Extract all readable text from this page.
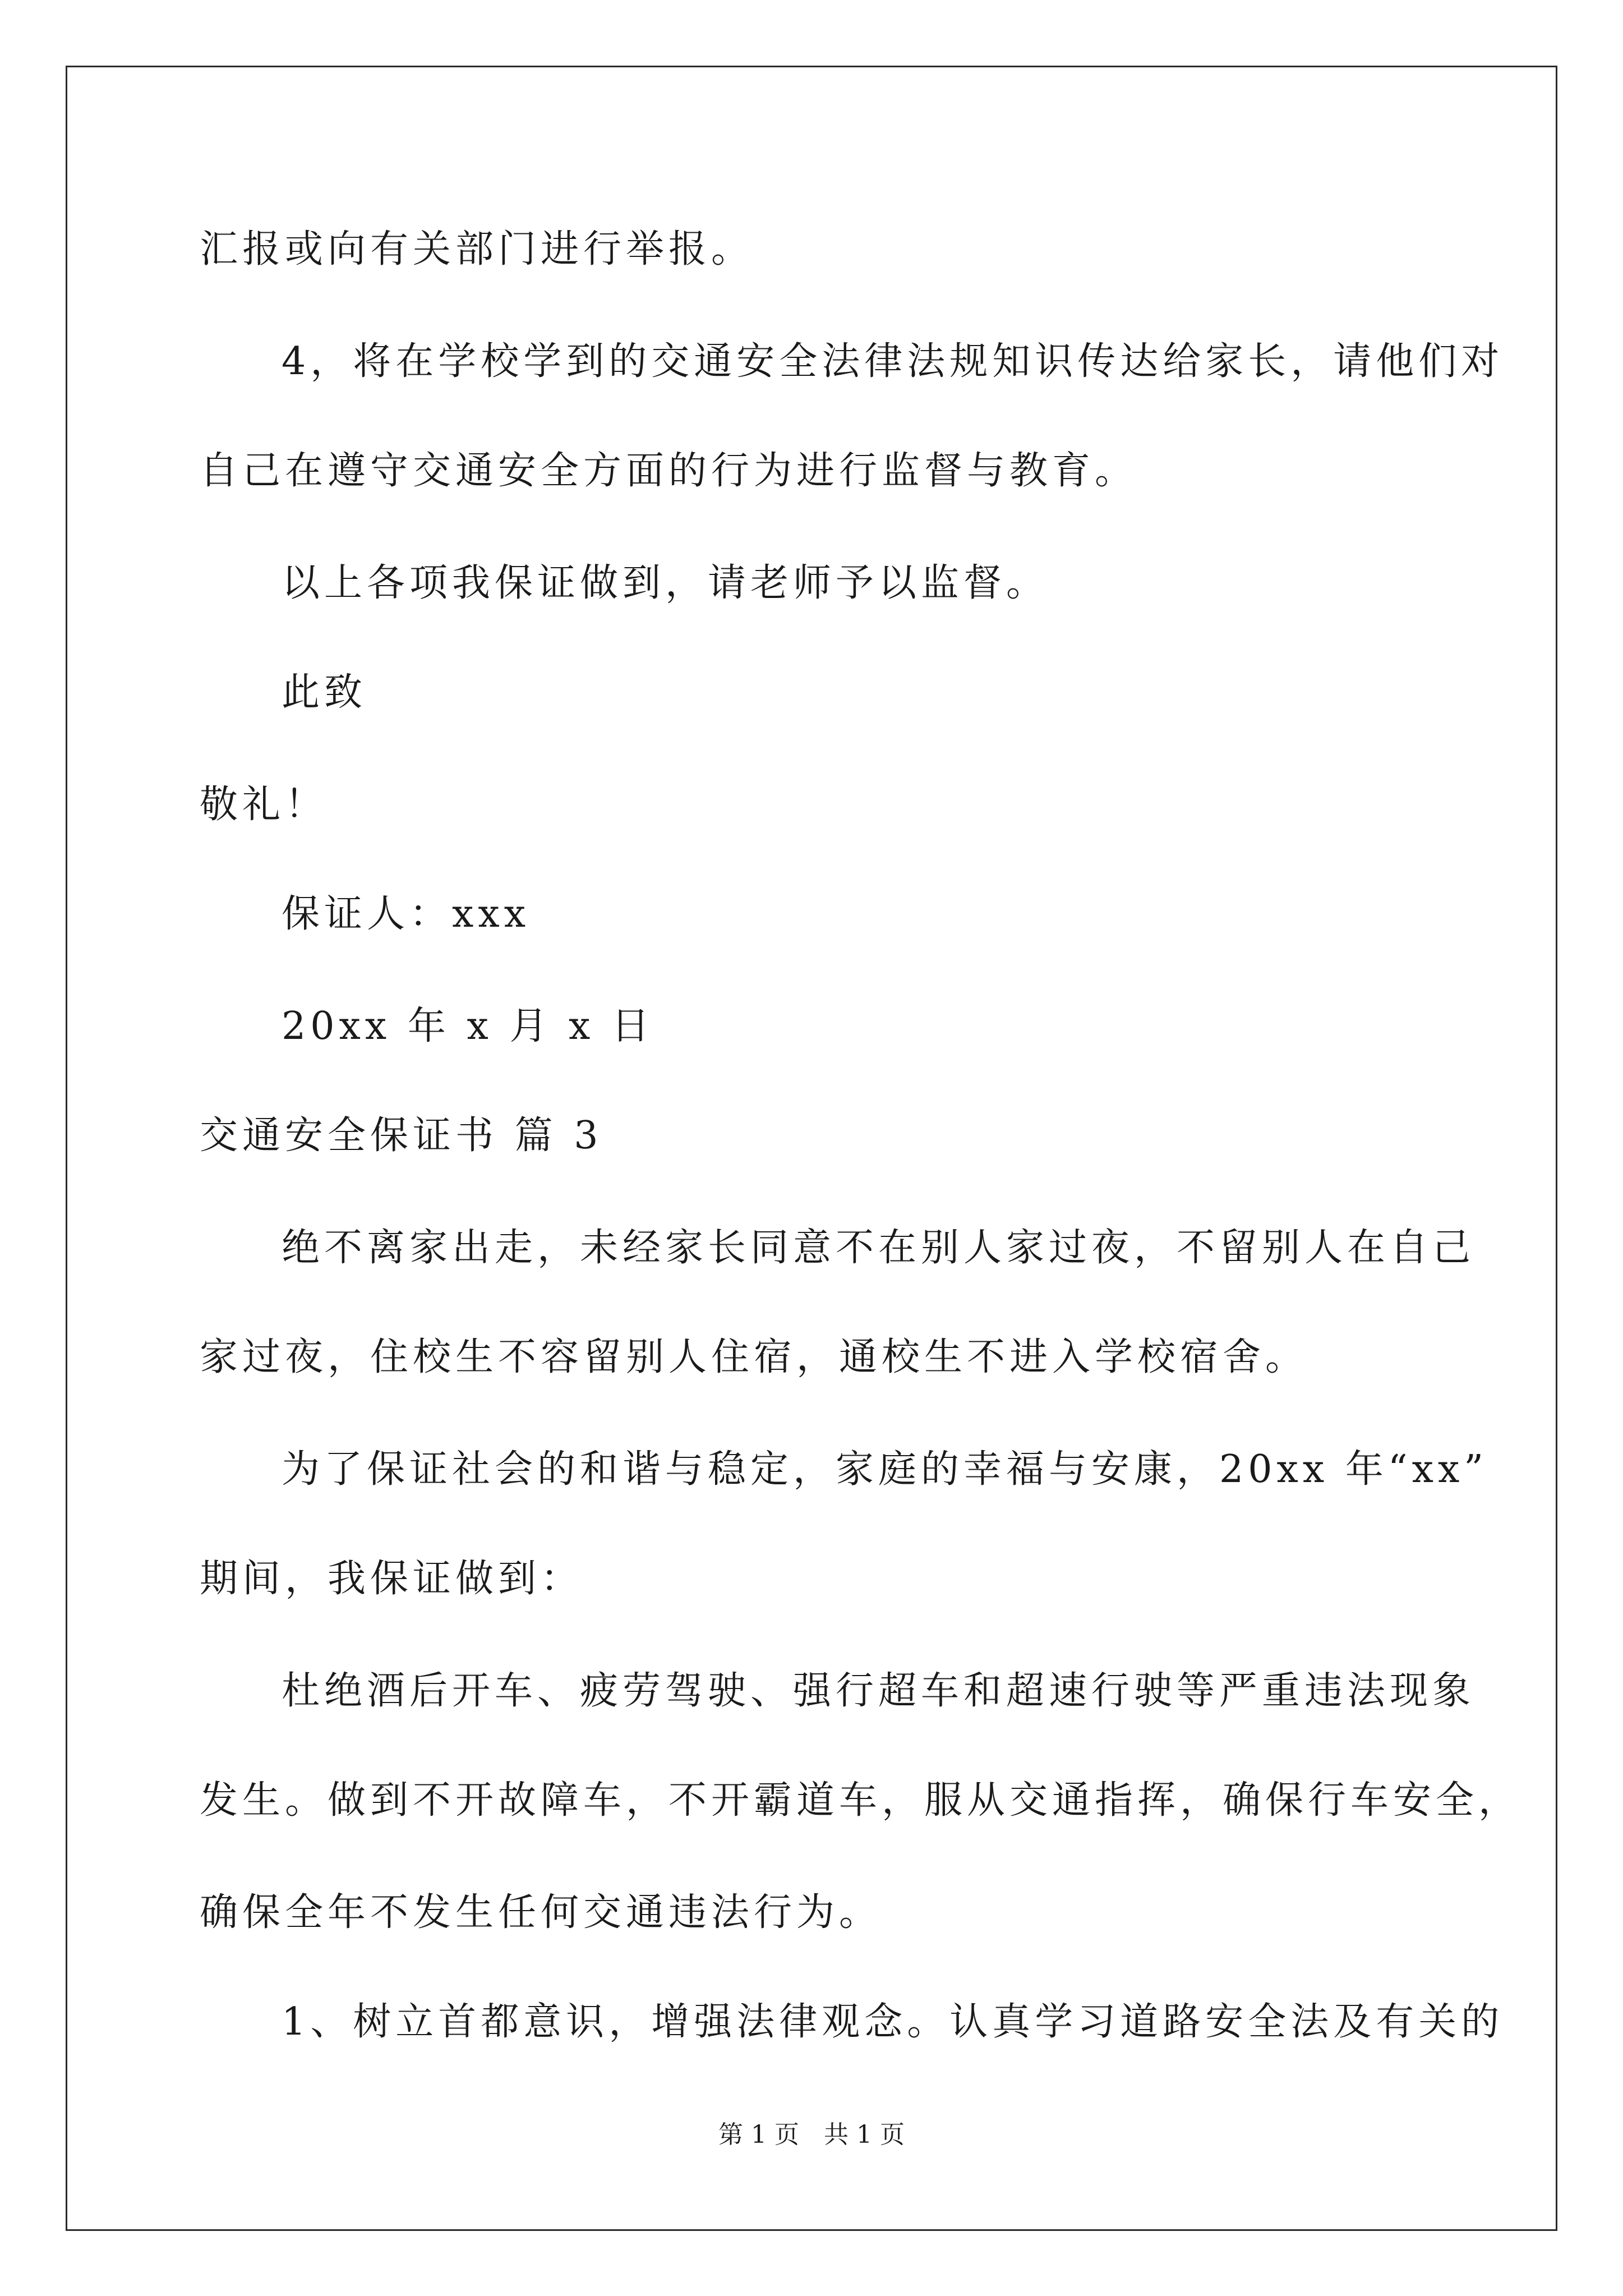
汇报或向有关部门进行举报。
4，将在学校学到的交通安全法律法规知识传达给家长，请他们对
自己在遵守交通安全方面的行为进行监督与教育。
以上各项我保证做到，请老师予以监督。
此致
敬礼！
保证人：xxx
20xx 年 x 月 x 日
交通安全保证书 篇 3
绝不离家出走，未经家长同意不在别人家过夜，不留别人在自己
家过夜，住校生不容留别人住宿，通校生不进入学校宿舍。
为了保证社会的和谐与稳定，家庭的幸福与安康，20xx 年“xx”
期间，我保证做到：
杜绝酒后开车、疲劳驾驶、强行超车和超速行驶等严重违法现象
发生。做到不开故障车，不开霸道车，服从交通指挥，确保行车安全，
确保全年不发生任何交通违法行为。
1、树立首都意识，增强法律观念。认真学习道路安全法及有关的
第 1 页　共 1 页
